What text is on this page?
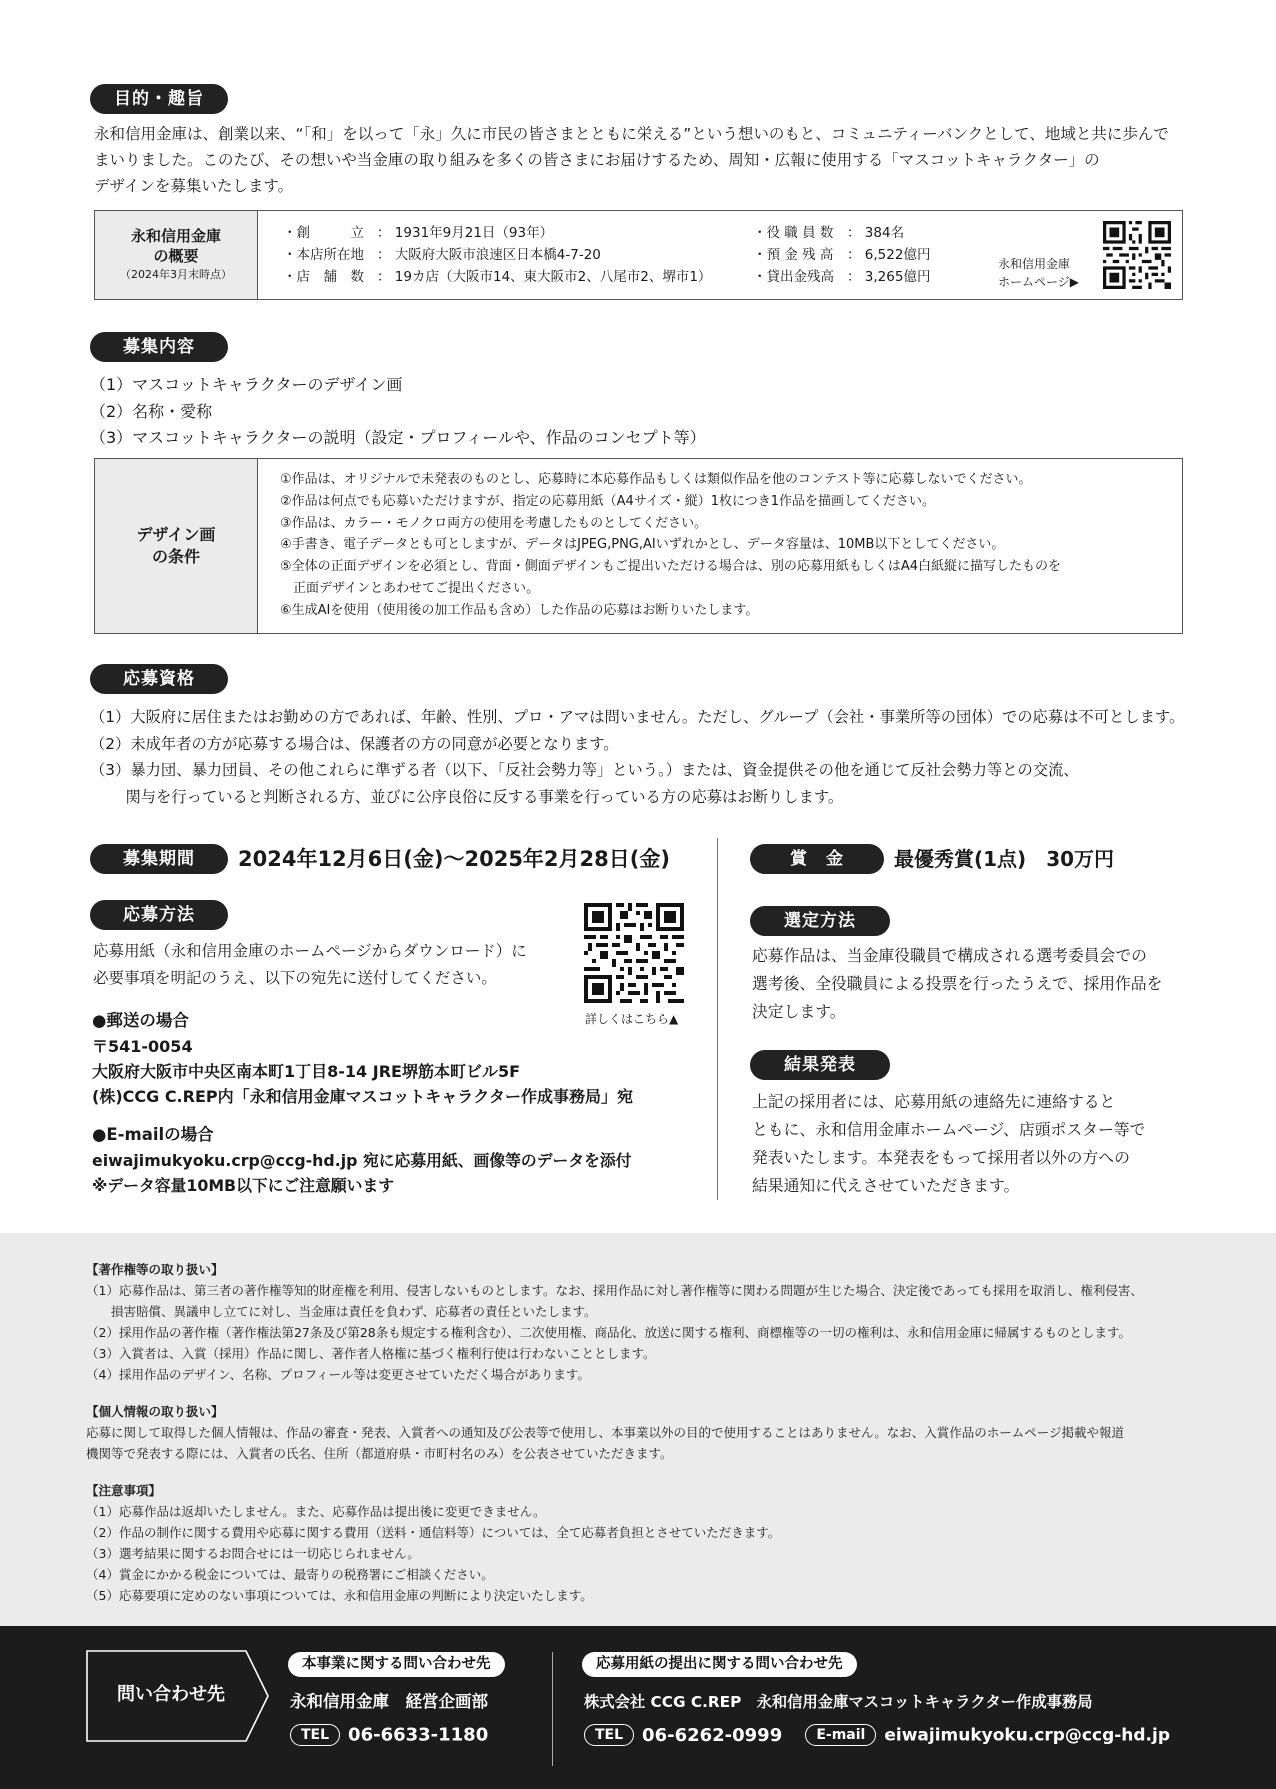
目的・趣旨
永和信用金庫は、創業以来、“「和」を以って「永」久に市民の皆さまとともに栄える”という想いのもと、コミュニティーバンクとして、地域と共に歩んで
まいりました。このたび、その想いや当金庫の取り組みを多くの皆さまにお届けするため、周知・広報に使用する「マスコットキャラクター」の
デザインを募集いたします。
永和信用金庫
の概要
（2024年3月末時点）
・創　　　立 ： 1931年9月21日（93年）
・本店所在地 ： 大阪府大阪市浪速区日本橋4-7-20
・店　舗　数 ： 19カ店（大阪市14、東大阪市2、八尾市2、堺市1）
・役 職 員 数 ： 384名
・預 金 残 高 ： 6,522億円
・貸出金残高 ： 3,265億円
永和信用金庫
ホームページ▶
募集内容
（1）マスコットキャラクターのデザイン画
（2）名称・愛称
（3）マスコットキャラクターの説明（設定・プロフィールや、作品のコンセプト等）
デザイン画
の条件
①作品は、オリジナルで未発表のものとし、応募時に本応募作品もしくは類似作品を他のコンテスト等に応募しないでください。
②作品は何点でも応募いただけますが、指定の応募用紙（A4サイズ・縦）1枚につき1作品を描画してください。
③作品は、カラー・モノクロ両方の使用を考慮したものとしてください。
④手書き、電子データとも可としますが、データはJPEG,PNG,AIいずれかとし、データ容量は、10MB以下としてください。
⑤全体の正面デザインを必須とし、背面・側面デザインもご提出いただける場合は、別の応募用紙もしくはA4白紙縦に描写したものを
　正面デザインとあわせてご提出ください。
⑥生成AIを使用（使用後の加工作品も含め）した作品の応募はお断りいたします。
応募資格
（1）大阪府に居住またはお勤めの方であれば、年齢、性別、プロ・アマは問いません。ただし、グループ（会社・事業所等の団体）での応募は不可とします。
（2）未成年者の方が応募する場合は、保護者の方の同意が必要となります。
（3）暴力団、暴力団員、その他これらに準ずる者（以下、「反社会勢力等」という。）または、資金提供その他を通じて反社会勢力等との交流、
　　 関与を行っていると判断される方、並びに公序良俗に反する事業を行っている方の応募はお断りします。
募集期間	2024年12月6日(金)～2025年2月28日(金)
応募方法
応募用紙（永和信用金庫のホームページからダウンロード）に
必要事項を明記のうえ、以下の宛先に送付してください。
詳しくはこちら▲
●郵送の場合
〒541-0054
大阪府大阪市中央区南本町1丁目8-14 JRE堺筋本町ビル5F
(株)CCG C.REP内「永和信用金庫マスコットキャラクター作成事務局」宛
●E-mailの場合
eiwajimukyoku.crp@ccg-hd.jp 宛に応募用紙、画像等のデータを添付
※データ容量10MB以下にご注意願います
賞　金	最優秀賞(1点)　30万円
選定方法
応募作品は、当金庫役職員で構成される選考委員会での
選考後、全役職員による投票を行ったうえで、採用作品を
決定します。
結果発表
上記の採用者には、応募用紙の連絡先に連絡すると
ともに、永和信用金庫ホームページ、店頭ポスター等で
発表いたします。本発表をもって採用者以外の方への
結果通知に代えさせていただきます。
【著作権等の取り扱い】
（1）応募作品は、第三者の著作権等知的財産権を利用、侵害しないものとします。なお、採用作品に対し著作権等に関わる問題が生じた場合、決定後であっても採用を取消し、権利侵害、
　　損害賠償、異議申し立てに対し、当金庫は責任を負わず、応募者の責任といたします。
（2）採用作品の著作権（著作権法第27条及び第28条も規定する権利含む）、二次使用権、商品化、放送に関する権利、商標権等の一切の権利は、永和信用金庫に帰属するものとします。
（3）入賞者は、入賞（採用）作品に関し、著作者人格権に基づく権利行使は行わないこととします。
（4）採用作品のデザイン、名称、プロフィール等は変更させていただく場合があります。
【個人情報の取り扱い】
応募に関して取得した個人情報は、作品の審査・発表、入賞者への通知及び公表等で使用し、本事業以外の目的で使用することはありません。なお、入賞作品のホームページ掲載や報道
機関等で発表する際には、入賞者の氏名、住所（都道府県・市町村名のみ）を公表させていただきます。
【注意事項】
（1）応募作品は返却いたしません。また、応募作品は提出後に変更できません。
（2）作品の制作に関する費用や応募に関する費用（送料・通信料等）については、全て応募者負担とさせていただきます。
（3）選考結果に関するお問合せには一切応じられません。
（4）賞金にかかる税金については、最寄りの税務署にご相談ください。
（5）応募要項に定めのない事項については、永和信用金庫の判断により決定いたします。
問い合わせ先
本事業に関する問い合わせ先
永和信用金庫　経営企画部
TEL 06-6633-1180
応募用紙の提出に関する問い合わせ先
株式会社 CCG C.REP　永和信用金庫マスコットキャラクター作成事務局
TEL 06-6262-0999 E-mail eiwajimukyoku.crp@ccg-hd.jp
